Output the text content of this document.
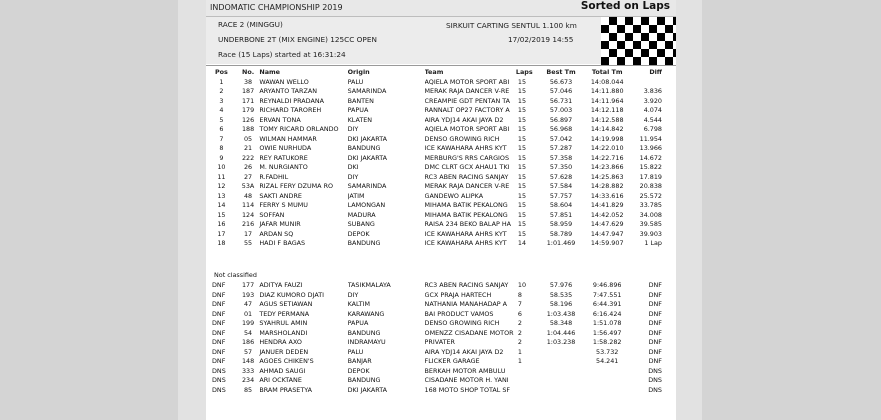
INDOMATIC CHAMPIONSHIP 2019	Sorted on Laps
RACE 2 (MINGGU)	SIRKUIT CARTING SENTUL 1.100 km
UNDERBONE 2T (MIX ENGINE) 125CC OPEN	17/02/2019 14:55
Race (15 Laps) started at 16:31:24
Pos	No.	Name	Origin	Team	Laps	Best Tm	Total Tm	Diff
1	38	WAWAN WELLO	PALU	AQIELA MOTOR SPORT ABI	15	56.673	14:08.044	
2	187	ARYANTO TARZAN	SAMARINDA	MERAK RAJA DANCER V-RE	15	57.046	14:11.880	3.836
3	171	REYNALDI PRADANA	BANTEN	CREAMPIE GDT PENTAN TA	15	56.731	14:11.964	3.920
4	179	RICHARD TAROREH	PAPUA	RANNALT OP27 FACTORY A	15	57.003	14:12.118	4.074
5	126	ERVAN TONA	KLATEN	AIRA YDJ14 AKAI JAYA D2	15	56.897	14:12.588	4.544
6	188	TOMY RICARD ORLANDO	DIY	AQIELA MOTOR SPORT ABI	15	56.968	14:14.842	6.798
7	05	WILMAN HAMMAR	DKI JAKARTA	DENSO GROWING RICH	15	57.042	14:19.998	11.954
8	21	OWIE NURHUDA	BANDUNG	ICE KAWAHARA AHRS KYT	15	57.287	14:22.010	13.966
9	222	REY RATUKORE	DKI JAKARTA	MERBURG'S RRS CARGIOS	15	57.358	14:22.716	14.672
10	26	M. NURGIANTO	DKI	DMC CLRT GCX AHAU1 TKI	15	57.350	14:23.866	15.822
11	27	R.FADHIL	DIY	RC3 ABEN RACING SANJAY	15	57.628	14:25.863	17.819
12	53A	RIZAL FERY DZUMA RO	SAMARINDA	MERAK RAJA DANCER V-RE	15	57.584	14:28.882	20.838
13	48	SAKTI ANDRE	JATIM	GANDEWO ALIPKA	15	57.757	14:33.616	25.572
14	114	FERRY S MUMU	LAMONGAN	MIHAMA BATIK PEKALONG	15	58.604	14:41.829	33.785
15	124	SOFFAN	MADURA	MIHAMA BATIK PEKALONG	15	57.851	14:42.052	34.008
16	216	JAFAR MUNIR	SUBANG	RAISA 234 BEKO BALAP HA	15	58.959	14:47.629	39.585
17	17	ARDAN SQ	DEPOK	ICE KAWAHARA AHRS KYT	15	58.789	14:47.947	39.903
18	55	HADI F BAGAS	BANDUNG	ICE KAWAHARA AHRS KYT	14	1:01.469	14:59.907	1 Lap
Not classified
DNF	177	ADITYA FAUZI	TASIKMALAYA	RC3 ABEN RACING SANJAY	10	57.976	9:46.896	DNF
DNF	193	DIAZ KUMORO DJATI	DIY	GCX PRAJA HARTECH	8	58.535	7:47.551	DNF
DNF	47	AGUS SETIAWAN	KALTIM	NATHANIA MANAHADAP A	7	58.196	6:44.391	DNF
DNF	01	TEDY PERMANA	KARAWANG	BAI PRODUCT VAMOS	6	1:03.438	6:16.424	DNF
DNF	199	SYAHRUL AMIN	PAPUA	DENSO GROWING RICH	2	58.348	1:51.078	DNF
DNF	54	MARSHOLANDI	BANDUNG	OMENZZ CISADANE MOTOR	2	1:04.446	1:56.497	DNF
DNF	186	HENDRA AXO	INDRAMAYU	PRIVATER	2	1:03.238	1:58.282	DNF
DNF	57	JANUER DEDEN	PALU	AIRA YDJ14 AKAI JAYA D2	1		53.732	DNF
DNF	148	AGOES CHIKEN'S	BANJAR	FLICKER GARAGE	1		54.241	DNF
DNS	333	AHMAD SAUGI	DEPOK	BERKAH MOTOR AMBULU				DNS
DNS	234	ARI OCKTANE	BANDUNG	CISADANE MOTOR H. YANI				DNS
DNS	85	BRAM PRASETYA	DKI JAKARTA	168 MOTO SHOP TOTAL SF				DNS
